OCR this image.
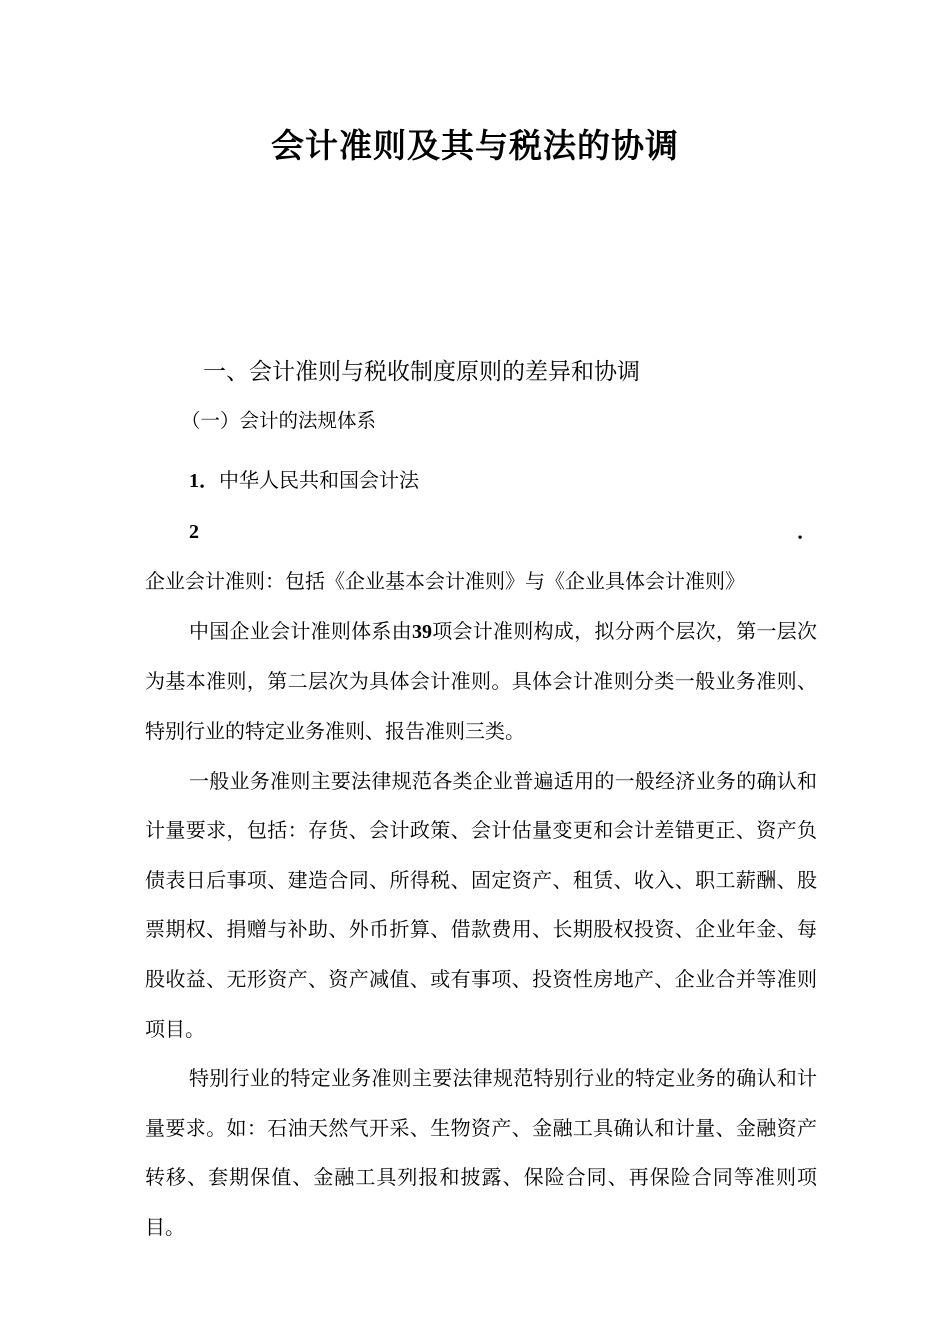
会计准则及其与税法的协调
一、会计准则与税收制度原则的差异和协调
（一）会计的法规体系

1．中华人民共和国会计法

2．企业会计准则：包括《企业基本会计准则》与《企业具体会计准则》

中国企业会计准则体系由39项会计准则构成，拟分两个层次，第一层次为基本准则，第二层次为具体会计准则。具体会计准则分类一般业务准则、特别行业的特定业务准则、报告准则三类。

一般业务准则主要法律规范各类企业普遍适用的一般经济业务的确认和计量要求，包括：存货、会计政策、会计估量变更和会计差错更正、资产负债表日后事项、建造合同、所得税、固定资产、租赁、收入、职工薪酬、股票期权、捐赠与补助、外币折算、借款费用、长期股权投资、企业年金、每股收益、无形资产、资产减值、或有事项、投资性房地产、企业合并等准则项目。

特别行业的特定业务准则主要法律规范特别行业的特定业务的确认和计量要求。如：石油天然气开采、生物资产、金融工具确认和计量、金融资产转移、套期保值、金融工具列报和披露、保险合同、再保险合同等准则项目。
